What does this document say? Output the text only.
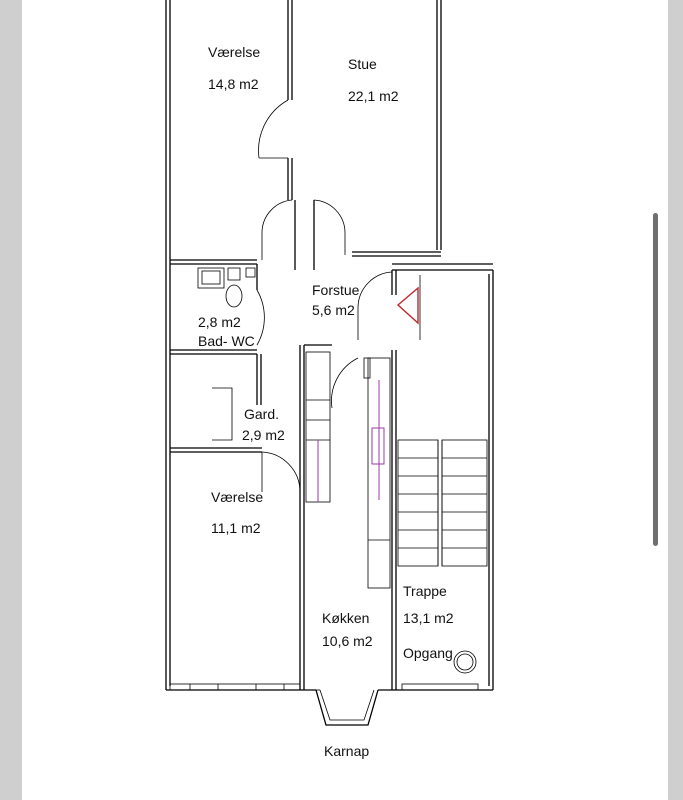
Værelse
14,8 m2
Stue
22,1 m2
Forstue
5,6 m2
2,8 m2
Bad- WC
Gard.
2,9 m2
Værelse
11,1 m2
Køkken
10,6 m2
Trappe
13,1 m2
Opgang
Karnap
